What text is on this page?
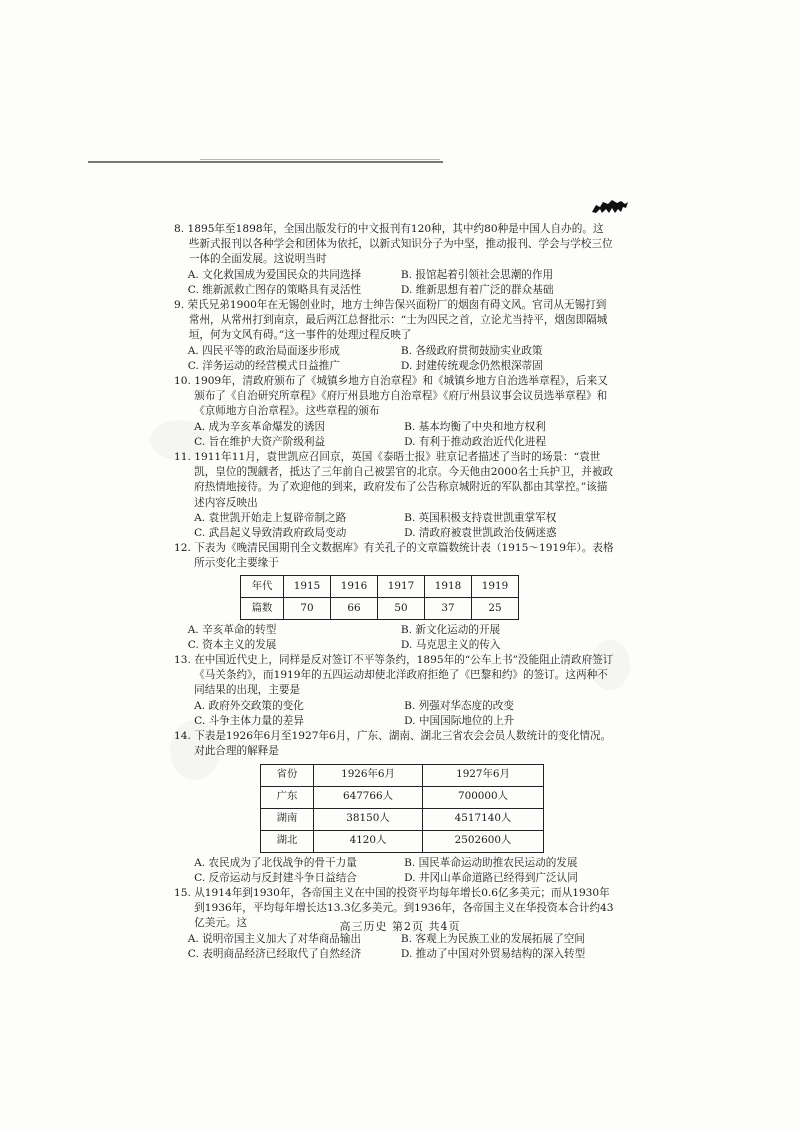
8. 1895年至1898年，全国出版发行的中文报刊有120种，其中约80种是中国人自办的。这些新式报刊以各种学会和团体为依托，以新式知识分子为中坚，推动报刊、学会与学校三位一体的全面发展。这说明当时
A. 文化救国成为爱国民众的共同选择	B. 报馆起着引领社会思潮的作用
C. 维新派救亡图存的策略具有灵活性	D. 维新思想有着广泛的群众基础
9. 荣氏兄弟1900年在无锡创业时，地方士绅告保兴面粉厂的烟囱有碍文风。官司从无锡打到常州，从常州打到南京，最后两江总督批示：“士为四民之首，立论尤当持平，烟囱即隔城垣，何为文风有碍。”这一事件的处理过程反映了
A. 四民平等的政治局面逐步形成	B. 各级政府贯彻鼓励实业政策
C. 洋务运动的经营模式日益推广	D. 封建传统观念仍然根深蒂固
10. 1909年，清政府颁布了《城镇乡地方自治章程》和《城镇乡地方自治选举章程》，后来又颁布了《自治研究所章程》《府厅州县地方自治章程》《府厅州县议事会议员选举章程》和《京师地方自治章程》。这些章程的颁布
A. 成为辛亥革命爆发的诱因	B. 基本均衡了中央和地方权利
C. 旨在维护大资产阶级利益	D. 有利于推动政治近代化进程
11. 1911年11月，袁世凯应召回京，英国《泰晤士报》驻京记者描述了当时的场景：“袁世凯，皇位的觊觎者，抵达了三年前自己被罢官的北京。今天他由2000名士兵护卫，并被政府热情地接待。为了欢迎他的到来，政府发布了公告称京城附近的军队都由其掌控。”该描述内容反映出
A. 袁世凯开始走上复辟帝制之路	B. 英国积极支持袁世凯重掌军权
C. 武昌起义导致清政府政局变动	D. 清政府被袁世凯政治伎俩迷惑
12. 下表为《晚清民国期刊全文数据库》有关孔子的文章篇数统计表（1915～1919年）。表格所示变化主要缘于
年代	1915	1916	1917	1918	1919
篇数	70	66	50	37	25
A. 辛亥革命的转型	B. 新文化运动的开展
C. 资本主义的发展	D. 马克思主义的传入
13. 在中国近代史上，同样是反对签订不平等条约，1895年的“公车上书”没能阻止清政府签订《马关条约》，而1919年的五四运动却使北洋政府拒绝了《巴黎和约》的签订。这两种不同结果的出现，主要是
A. 政府外交政策的变化	B. 列强对华态度的改变
C. 斗争主体力量的差异	D. 中国国际地位的上升
14. 下表是1926年6月至1927年6月，广东、湖南、湖北三省农会会员人数统计的变化情况。对此合理的解释是
省份	1926年6月	1927年6月
广东	647766人	700000人
湖南	38150人	4517140人
湖北	4120人	2502600人
A. 农民成为了北伐战争的骨干力量	B. 国民革命运动助推农民运动的发展
C. 反帝运动与反封建斗争日益结合	D. 井冈山革命道路已经得到广泛认同
15. 从1914年到1930年，各帝国主义在中国的投资平均每年增长0.6亿多美元；而从1930年到1936年，平均每年增长达13.3亿多美元。到1936年，各帝国主义在华投资本合计约43亿美元。这
A. 说明帝国主义加大了对华商品输出	B. 客观上为民族工业的发展拓展了空间
C. 表明商品经济已经取代了自然经济	D. 推动了中国对外贸易结构的深入转型
高三历史 第2页 共4页
